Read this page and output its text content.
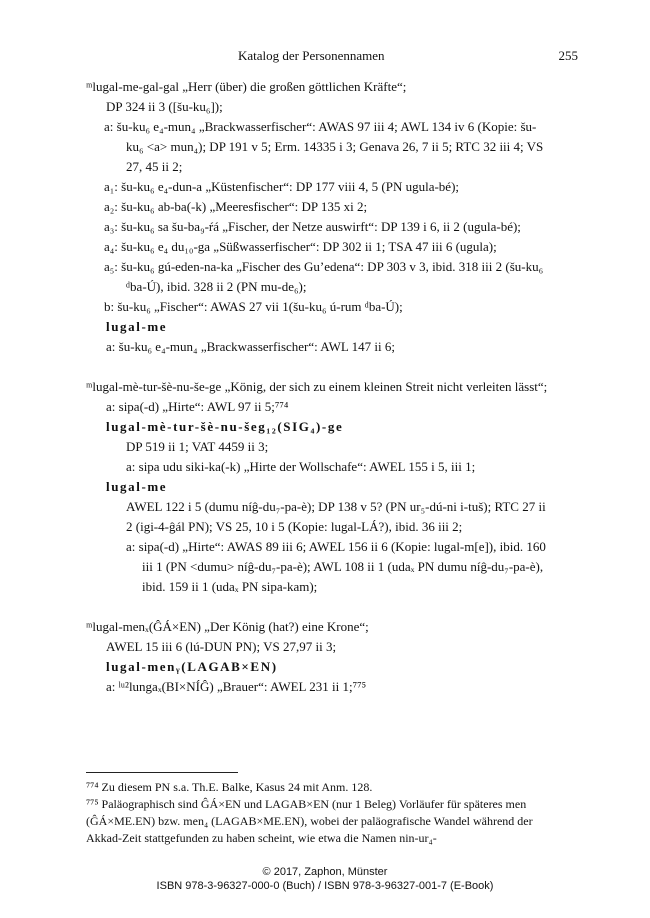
Katalog der Personennamen	255
ᵐlugal-me-gal-gal „Herr (über) die großen göttlichen Kräfte“;
DP 324 ii 3 ([šu-ku₆]);
a: šu-ku₆ e₄-mun₄ „Brackwasserfischer“: AWAS 97 iii 4; AWL 134 iv 6 (Kopie: šu-ku₆ <a> mun₄); DP 191 v 5; Erm. 14335 i 3; Genava 26, 7 ii 5; RTC 32 iii 4; VS 27, 45 ii 2;
a₁: šu-ku₆ e₄-dun-a „Küstenfischer“: DP 177 viii 4, 5 (PN ugula-bé);
a₂: šu-ku₆ ab-ba(-k) „Meeresfischer“: DP 135 xi 2;
a₃: šu-ku₆ sa šu-ba₉-ŕá „Fischer, der Netze auswirft“: DP 139 i 6, ii 2 (ugula-bé);
a₄: šu-ku₆ e₄ du₁₀-ga „Süßwasserfischer“: DP 302 ii 1; TSA 47 iii 6 (ugula);
a₅: šu-ku₆ gú-eden-na-ka „Fischer des Gu’edena“: DP 303 v 3, ibid. 318 iii 2 (šu-ku₆ ᵈba-Ú), ibid. 328 ii 2 (PN mu-de₆);
b: šu-ku₆ „Fischer“: AWAS 27 vii 1(šu-ku₆ ú-rum ᵈba-Ú);
lugal-me
a: šu-ku₆ e₄-mun₄ „Brackwasserfischer“: AWL 147 ii 6;
ᵐlugal-mè-tur-šè-nu-še-ge „König, der sich zu einem kleinen Streit nicht verleiten lässt“;
a: sipa(-d) „Hirte“: AWL 97 ii 5;⁷⁷⁴
lugal-mè-tur-šè-nu-šeg₁₂(SIG₄)-ge
DP 519 ii 1; VAT 4459 ii 3;
a: sipa udu siki-ka(-k) „Hirte der Wollschafe“: AWEL 155 i 5, iii 1;
lugal-me
AWEL 122 i 5 (dumu níĝ-du₇-pa-è); DP 138 v 5? (PN ur₅-dú-ni i-tuš); RTC 27 ii 2 (igi-4-ĝál PN); VS 25, 10 i 5 (Kopie: lugal-LÁ?), ibid. 36 iii 2;
a: sipa(-d) „Hirte“: AWAS 89 iii 6; AWEL 156 ii 6 (Kopie: lugal-m[e]), ibid. 160 iii 1 (PN <dumu> níĝ-du₇-pa-è); AWL 108 ii 1 (udaₓ PN dumu níĝ-du₇-pa-è), ibid. 159 ii 1 (udaₓ PN sipa-kam);
ᵐlugal-menₓ(ĜÁ×EN) „Der König (hat?) eine Krone“;
AWEL 15 iii 6 (lú-DUN PN); VS 27,97 ii 3;
lugal-menᵧ(LAGAB×EN)
a: ˡᵘ²lungaₓ(BI×NÍĜ) „Brauer“: AWEL 231 ii 1;⁷⁷⁵
⁷⁷⁴ Zu diesem PN s.a. Th.E. Balke, Kasus 24 mit Anm. 128.
⁷⁷⁵ Paläographisch sind ĜÁ×EN und LAGAB×EN (nur 1 Beleg) Vorläufer für späteres men (ĜÁ×ME.EN) bzw. men₄ (LAGAB×ME.EN), wobei der paläografische Wandel während der Akkad-Zeit stattgefunden zu haben scheint, wie etwa die Namen nin-ur₄-
© 2017, Zaphon, Münster
ISBN 978-3-96327-000-0 (Buch) / ISBN 978-3-96327-001-7 (E-Book)
